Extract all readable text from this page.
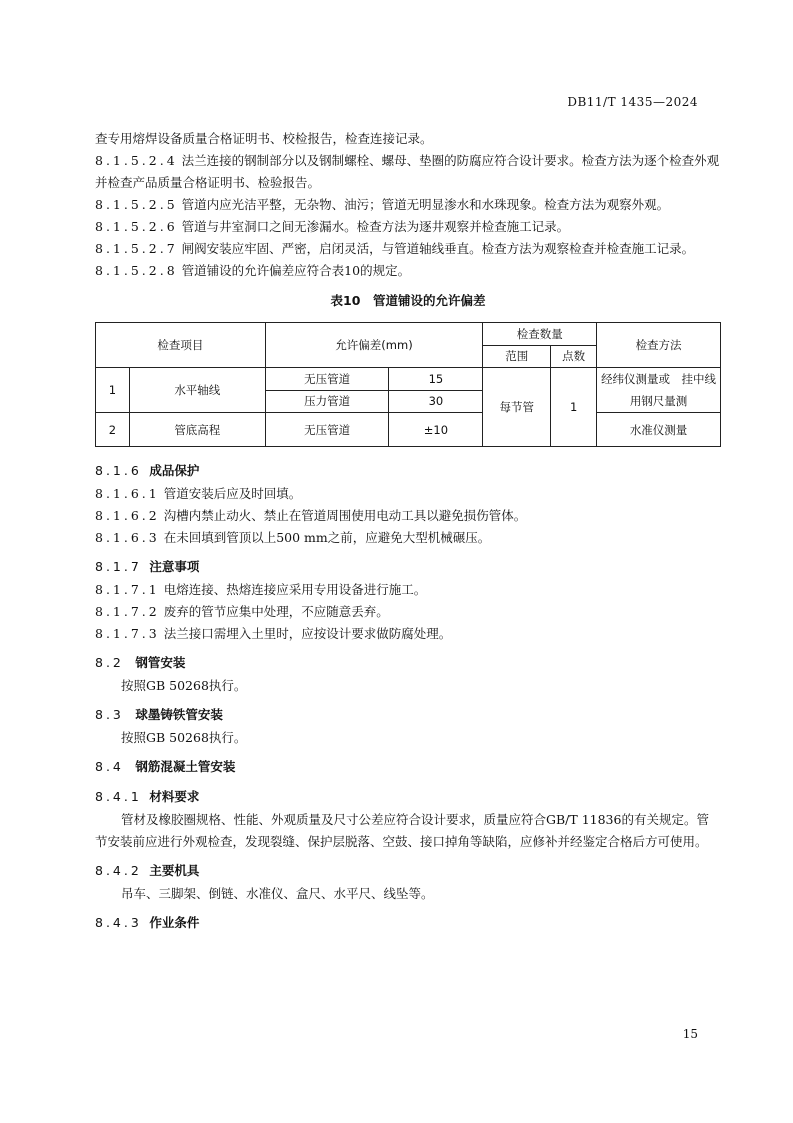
DB11/T 1435—2024
查专用熔焊设备质量合格证明书、校检报告，检查连接记录。
8.1.5.2.4 法兰连接的钢制部分以及钢制螺栓、螺母、垫圈的防腐应符合设计要求。检查方法为逐个检查外观并检查产品质量合格证明书、检验报告。
8.1.5.2.5 管道内应光洁平整，无杂物、油污；管道无明显渗水和水珠现象。检查方法为观察外观。
8.1.5.2.6 管道与井室洞口之间无渗漏水。检查方法为逐井观察并检查施工记录。
8.1.5.2.7 闸阀安装应牢固、严密，启闭灵活，与管道轴线垂直。检查方法为观察检查并检查施工记录。
8.1.5.2.8 管道铺设的允许偏差应符合表10的规定。
表10　管道铺设的允许偏差
检查项目		允许偏差(mm)		检查数量		检查方法
				范围	点数	
1	水平轴线	无压管道	15	每节管	1	经纬仪测量或　挂中线用钢尺量测
		压力管道	30			
2	管底高程	无压管道	±10			水准仪测量
8.1.6 成品保护
8.1.6.1 管道安装后应及时回填。
8.1.6.2 沟槽内禁止动火、禁止在管道周围使用电动工具以避免损伤管体。
8.1.6.3 在未回填到管顶以上500 mm之前，应避免大型机械碾压。
8.1.7 注意事项
8.1.7.1 电熔连接、热熔连接应采用专用设备进行施工。
8.1.7.2 废弃的管节应集中处理，不应随意丢弃。
8.1.7.3 法兰接口需埋入土里时，应按设计要求做防腐处理。
8.2 钢管安装
按照GB 50268执行。
8.3 球墨铸铁管安装
按照GB 50268执行。
8.4 钢筋混凝土管安装
8.4.1 材料要求
管材及橡胶圈规格、性能、外观质量及尺寸公差应符合设计要求，质量应符合GB/T 11836的有关规定。管节安装前应进行外观检查，发现裂缝、保护层脱落、空鼓、接口掉角等缺陷，应修补并经鉴定合格后方可使用。
8.4.2 主要机具
吊车、三脚架、倒链、水准仪、盒尺、水平尺、线坠等。
8.4.3 作业条件
15
